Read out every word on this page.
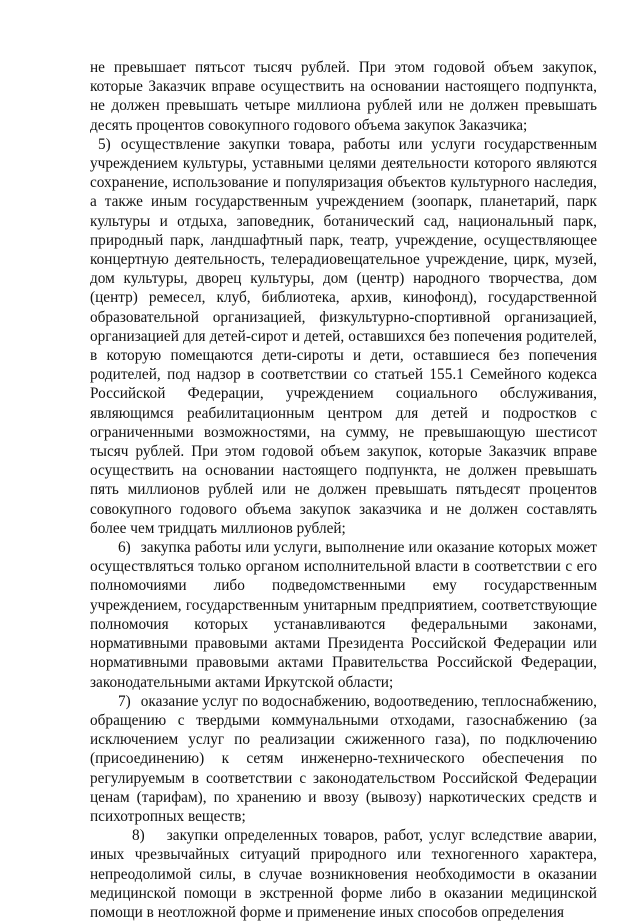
не превышает пятьсот тысяч рублей. При этом годовой объем закупок, которые Заказчик вправе осуществить на основании настоящего подпункта, не должен превышать четыре миллиона рублей или не должен превышать десять процентов совокупного годового объема закупок Заказчика;

5) осуществление закупки товара, работы или услуги государственным учреждением культуры, уставными целями деятельности которого являются сохранение, использование и популяризация объектов культурного наследия, а также иным государственным учреждением (зоопарк, планетарий, парк культуры и отдыха, заповедник, ботанический сад, национальный парк, природный парк, ландшафтный парк, театр, учреждение, осуществляющее концертную деятельность, телерадиовещательное учреждение, цирк, музей, дом культуры, дворец культуры, дом (центр) народного творчества, дом (центр) ремесел, клуб, библиотека, архив, кинофонд), государственной образовательной организацией, физкультурно-спортивной организацией, организацией для детей-сирот и детей, оставшихся без попечения родителей, в которую помещаются дети-сироты и дети, оставшиеся без попечения родителей, под надзор в соответствии со статьей 155.1 Семейного кодекса Российской Федерации, учреждением социального обслуживания, являющимся реабилитационным центром для детей и подростков с ограниченными возможностями, на сумму, не превышающую шестисот тысяч рублей. При этом годовой объем закупок, которые Заказчик вправе осуществить на основании настоящего подпункта, не должен превышать пять миллионов рублей или не должен превышать пятьдесят процентов совокупного годового объема закупок заказчика и не должен составлять более чем тридцать миллионов рублей;

6) закупка работы или услуги, выполнение или оказание которых может осуществляться только органом исполнительной власти в соответствии с его полномочиями либо подведомственными ему государственным учреждением, государственным унитарным предприятием, соответствующие полномочия которых устанавливаются федеральными законами, нормативными правовыми актами Президента Российской Федерации или нормативными правовыми актами Правительства Российской Федерации, законодательными актами Иркутской области;

7) оказание услуг по водоснабжению, водоотведению, теплоснабжению, обращению с твердыми коммунальными отходами, газоснабжению (за исключением услуг по реализации сжиженного газа), по подключению (присоединению) к сетям инженерно-технического обеспечения по регулируемым в соответствии с законодательством Российской Федерации ценам (тарифам), по хранению и ввозу (вывозу) наркотических средств и психотропных веществ;

8) закупки определенных товаров, работ, услуг вследствие аварии, иных чрезвычайных ситуаций природного или техногенного характера, непреодолимой силы, в случае возникновения необходимости в оказании медицинской помощи в экстренной форме либо в оказании медицинской помощи в неотложной форме и применение иных способов определения
